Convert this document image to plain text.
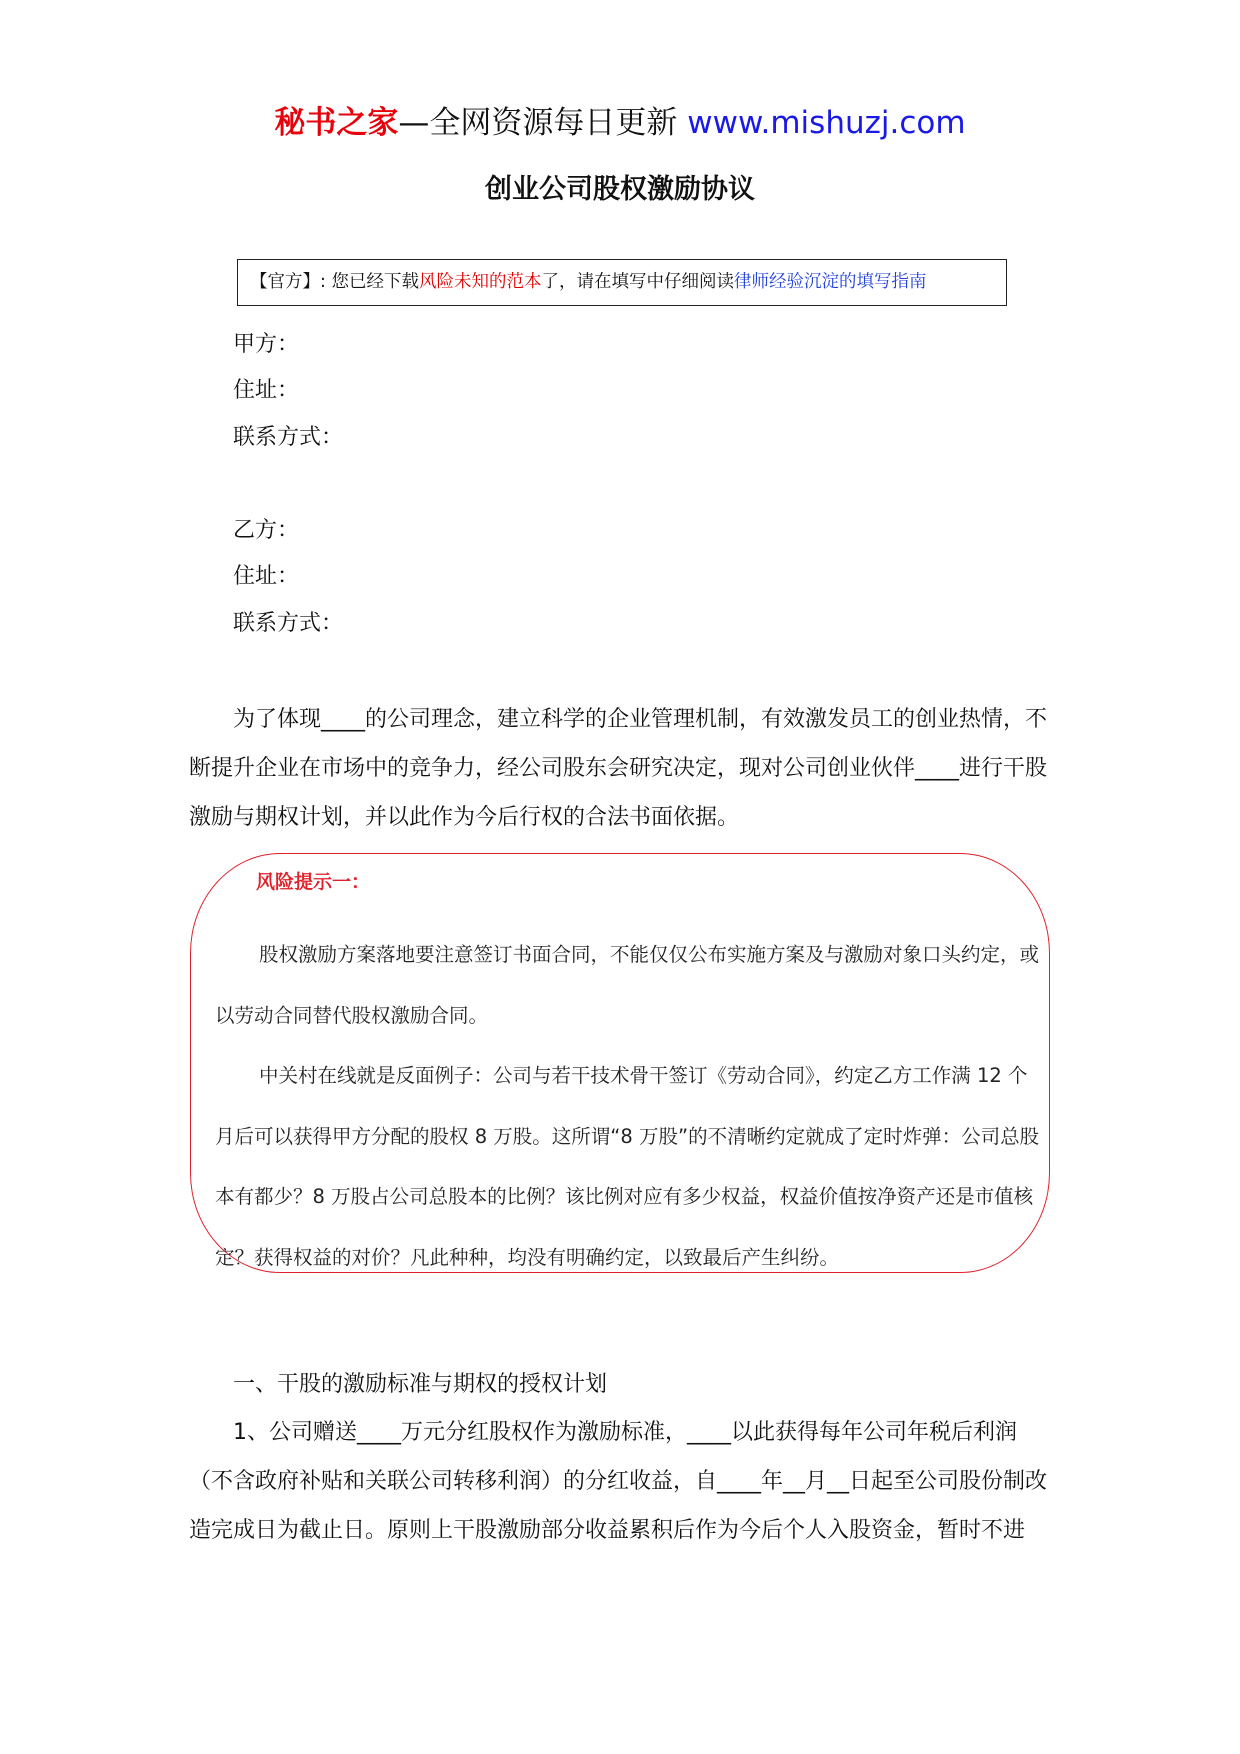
秘书之家—全网资源每日更新 www.mishuzj.com
创业公司股权激励协议
【官方】: 您已经下载风险未知的范本了，请在填写中仔细阅读律师经验沉淀的填写指南
甲方：
住址：
联系方式：
乙方：
住址：
联系方式：

为了体现____的公司理念，建立科学的企业管理机制，有效激发员工的创业热情，不断提升企业在市场中的竞争力，经公司股东会研究决定，现对公司创业伙伴____进行干股激励与期权计划，并以此作为今后行权的合法书面依据。

风险提示一：

股权激励方案落地要注意签订书面合同，不能仅仅公布实施方案及与激励对象口头约定，或以劳动合同替代股权激励合同。

中关村在线就是反面例子：公司与若干技术骨干签订《劳动合同》，约定乙方工作满 12 个月后可以获得甲方分配的股权 8 万股。这所谓“8 万股”的不清晰约定就成了定时炸弹：公司总股本有都少？8 万股占公司总股本的比例？该比例对应有多少权益，权益价值按净资产还是市值核定？获得权益的对价？凡此种种，均没有明确约定，以致最后产生纠纷。

一、干股的激励标准与期权的授权计划

1、公司赠送____万元分红股权作为激励标准，____以此获得每年公司年税后利润（不含政府补贴和关联公司转移利润）的分红收益，自____年__月__日起至公司股份制改造完成日为截止日。原则上干股激励部分收益累积后作为今后个人入股资金，暂时不进
